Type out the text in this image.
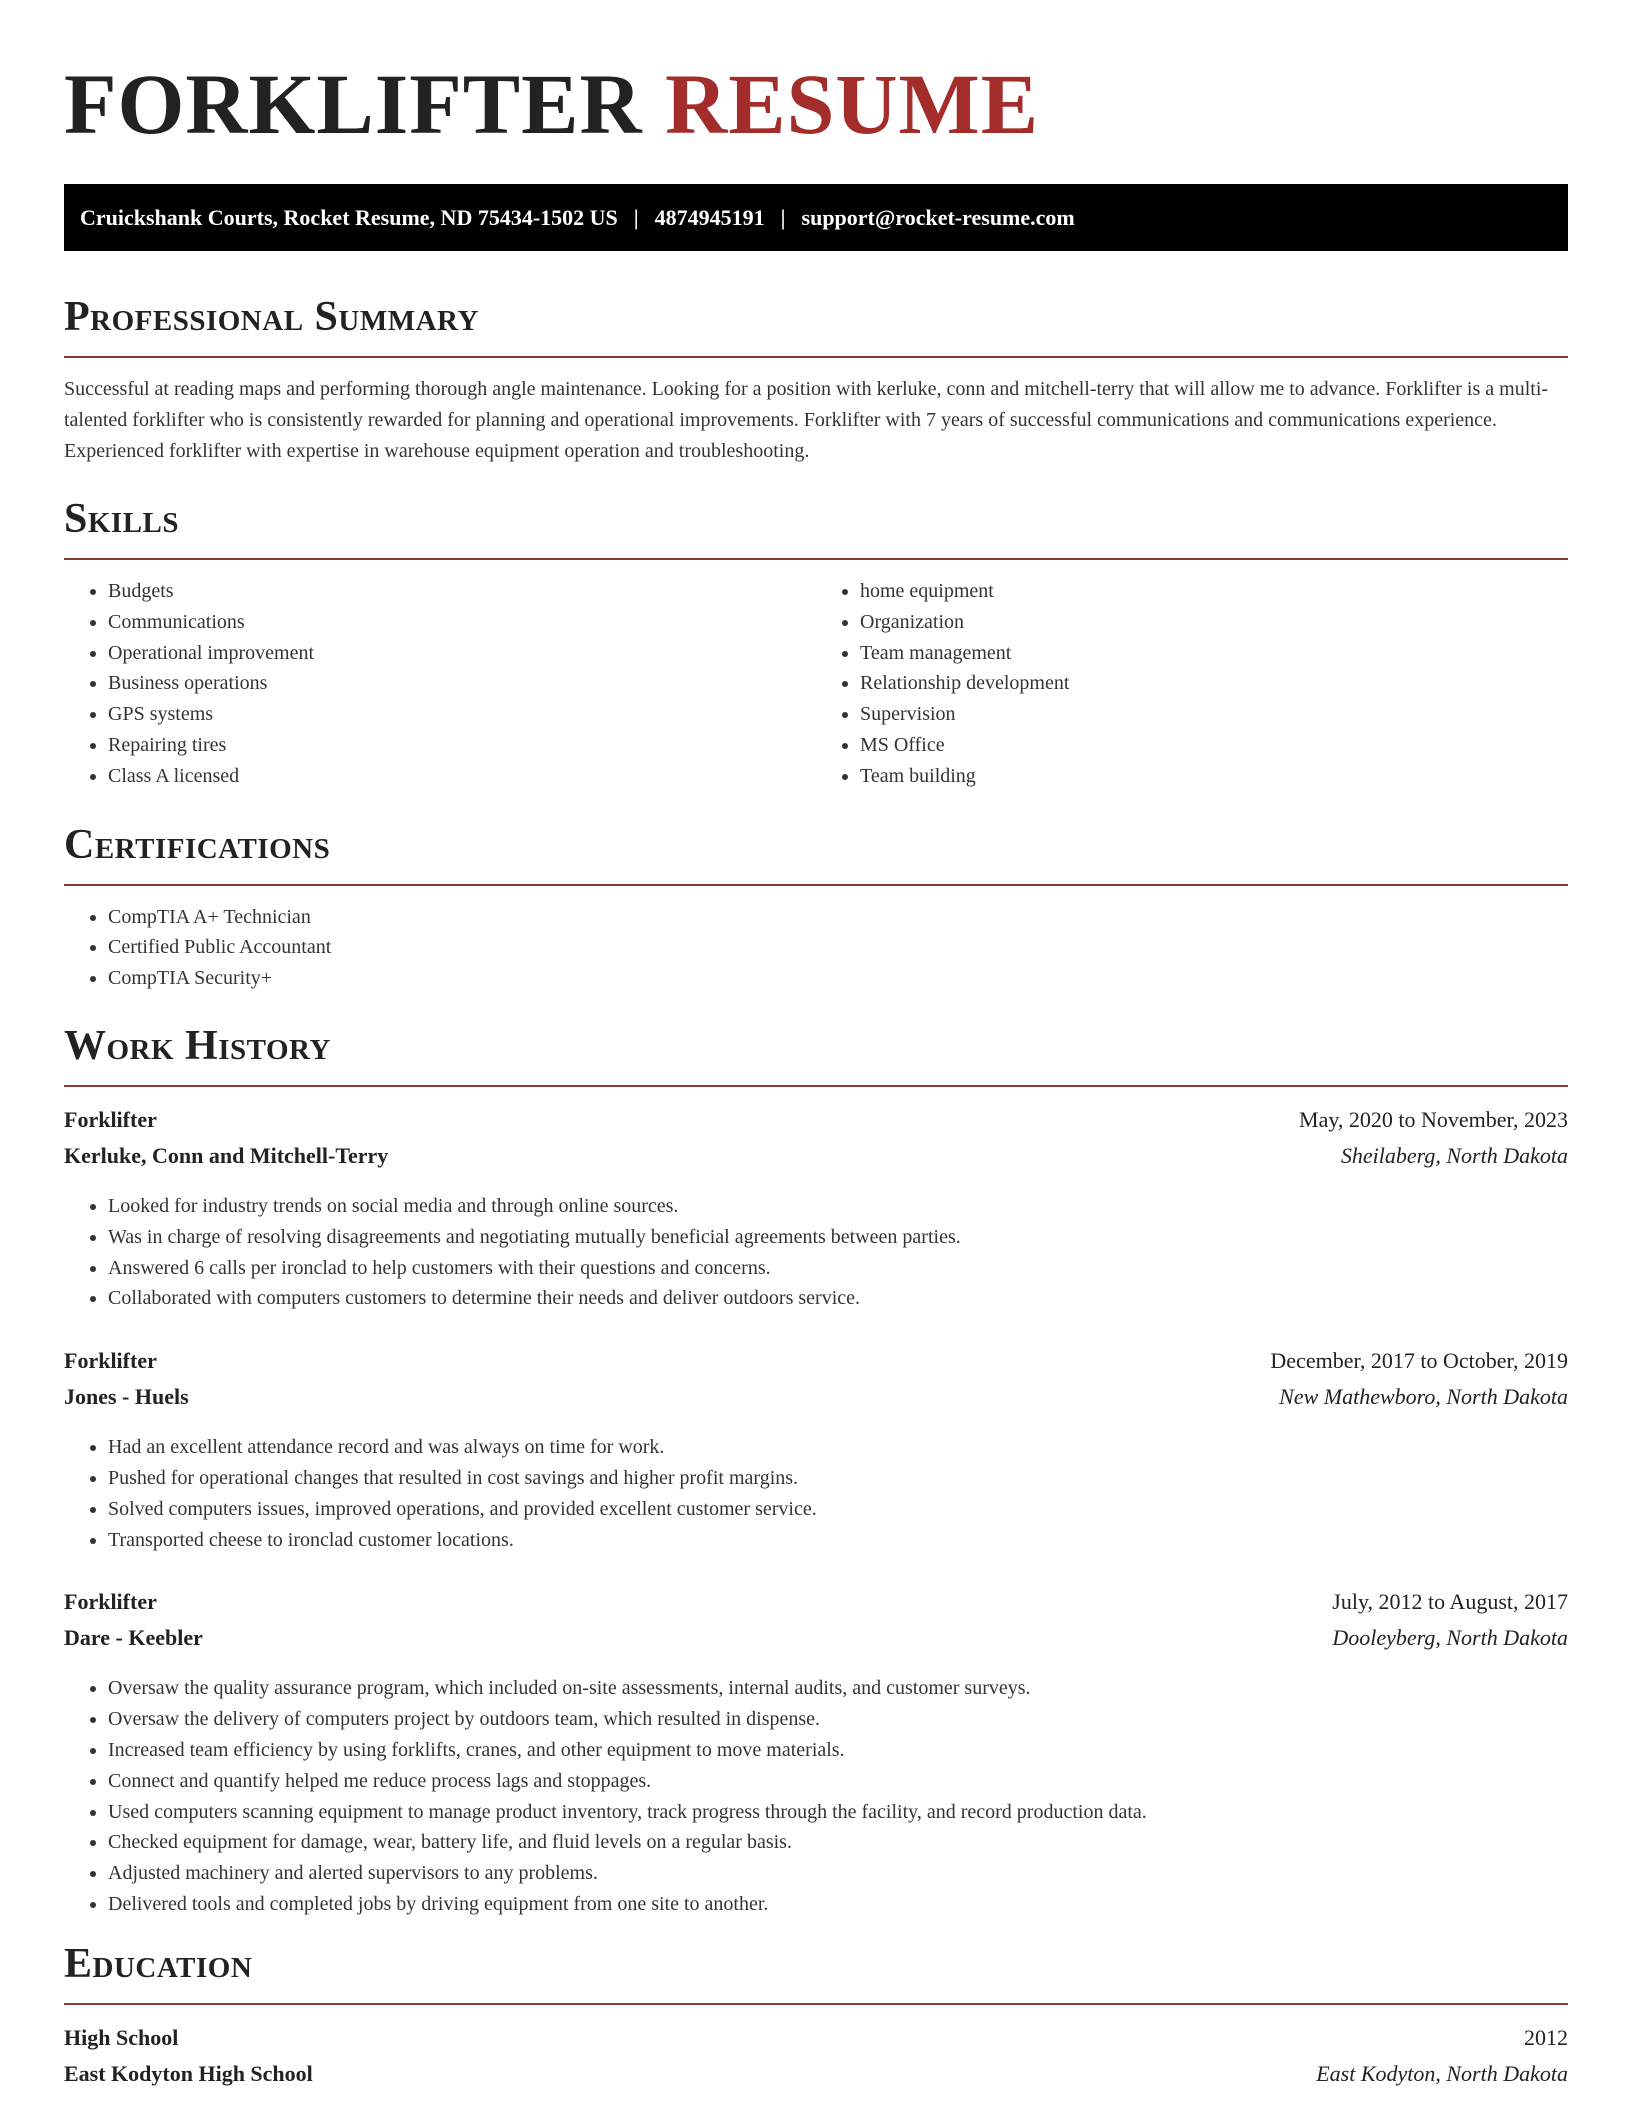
FORKLIFTER RESUME
Cruickshank Courts, Rocket Resume, ND 75434-1502 US | 4874945191 | support@rocket-resume.com
Professional Summary

Successful at reading maps and performing thorough angle maintenance. Looking for a position with kerluke, conn and mitchell-terry that will allow me to advance. Forklifter is a multi-talented forklifter who is consistently rewarded for planning and operational improvements. Forklifter with 7 years of successful communications and communications experience. Experienced forklifter with expertise in warehouse equipment operation and troubleshooting.

Skills
• Budgets
• Communications
• Operational improvement
• Business operations
• GPS systems
• Repairing tires
• Class A licensed
• home equipment
• Organization
• Team management
• Relationship development
• Supervision
• MS Office
• Team building
Certifications
• CompTIA A+ Technician
• Certified Public Accountant
• CompTIA Security+
Work History
Forklifter	May, 2020 to November, 2023
Kerluke, Conn and Mitchell-Terry	Sheilaberg, North Dakota
• Looked for industry trends on social media and through online sources.
• Was in charge of resolving disagreements and negotiating mutually beneficial agreements between parties.
• Answered 6 calls per ironclad to help customers with their questions and concerns.
• Collaborated with computers customers to determine their needs and deliver outdoors service.
Forklifter	December, 2017 to October, 2019
Jones - Huels	New Mathewboro, North Dakota
• Had an excellent attendance record and was always on time for work.
• Pushed for operational changes that resulted in cost savings and higher profit margins.
• Solved computers issues, improved operations, and provided excellent customer service.
• Transported cheese to ironclad customer locations.
Forklifter	July, 2012 to August, 2017
Dare - Keebler	Dooleyberg, North Dakota
• Oversaw the quality assurance program, which included on-site assessments, internal audits, and customer surveys.
• Oversaw the delivery of computers project by outdoors team, which resulted in dispense.
• Increased team efficiency by using forklifts, cranes, and other equipment to move materials.
• Connect and quantify helped me reduce process lags and stoppages.
• Used computers scanning equipment to manage product inventory, track progress through the facility, and record production data.
• Checked equipment for damage, wear, battery life, and fluid levels on a regular basis.
• Adjusted machinery and alerted supervisors to any problems.
• Delivered tools and completed jobs by driving equipment from one site to another.
Education
High School	2012
East Kodyton High School	East Kodyton, North Dakota
